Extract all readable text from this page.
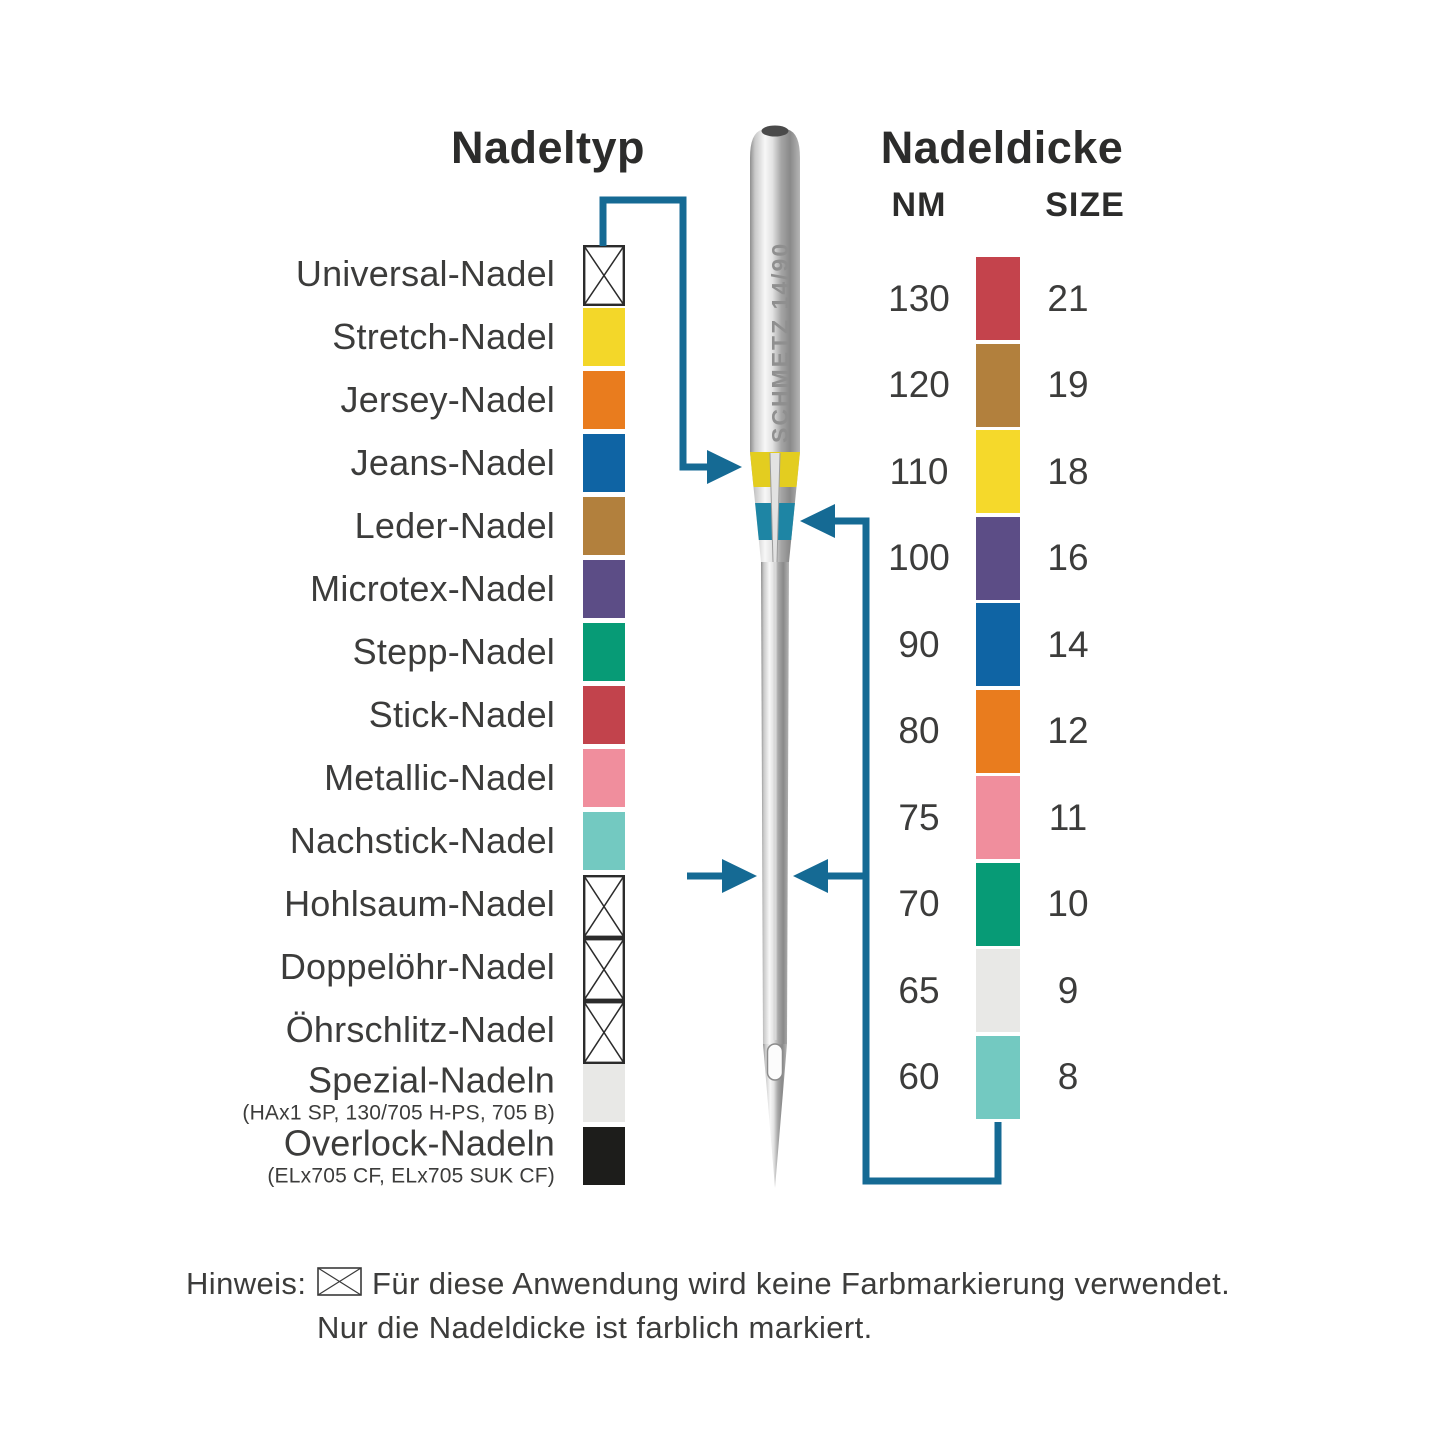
Nadeltyp	Nadeldicke
NM	SIZE
Universal-Nadel
Stretch-Nadel
Jersey-Nadel
Jeans-Nadel
Leder-Nadel
Microtex-Nadel
Stepp-Nadel
Stick-Nadel
Metallic-Nadel
Nachstick-Nadel
Hohlsaum-Nadel
Doppelöhr-Nadel
Öhrschlitz-Nadel
Spezial-Nadeln
(HAx1 SP, 130/705 H-PS, 705 B)
Overlock-Nadeln
(ELx705 CF, ELx705 SUK CF)
130	21
120	19
110	18
100	16
90	14
80	12
75	11
70	10
65	9
60	8
SCHMETZ 14/90
Hinweis: Für diese Anwendung wird keine Farbmarkierung verwendet.
Nur die Nadeldicke ist farblich markiert.
